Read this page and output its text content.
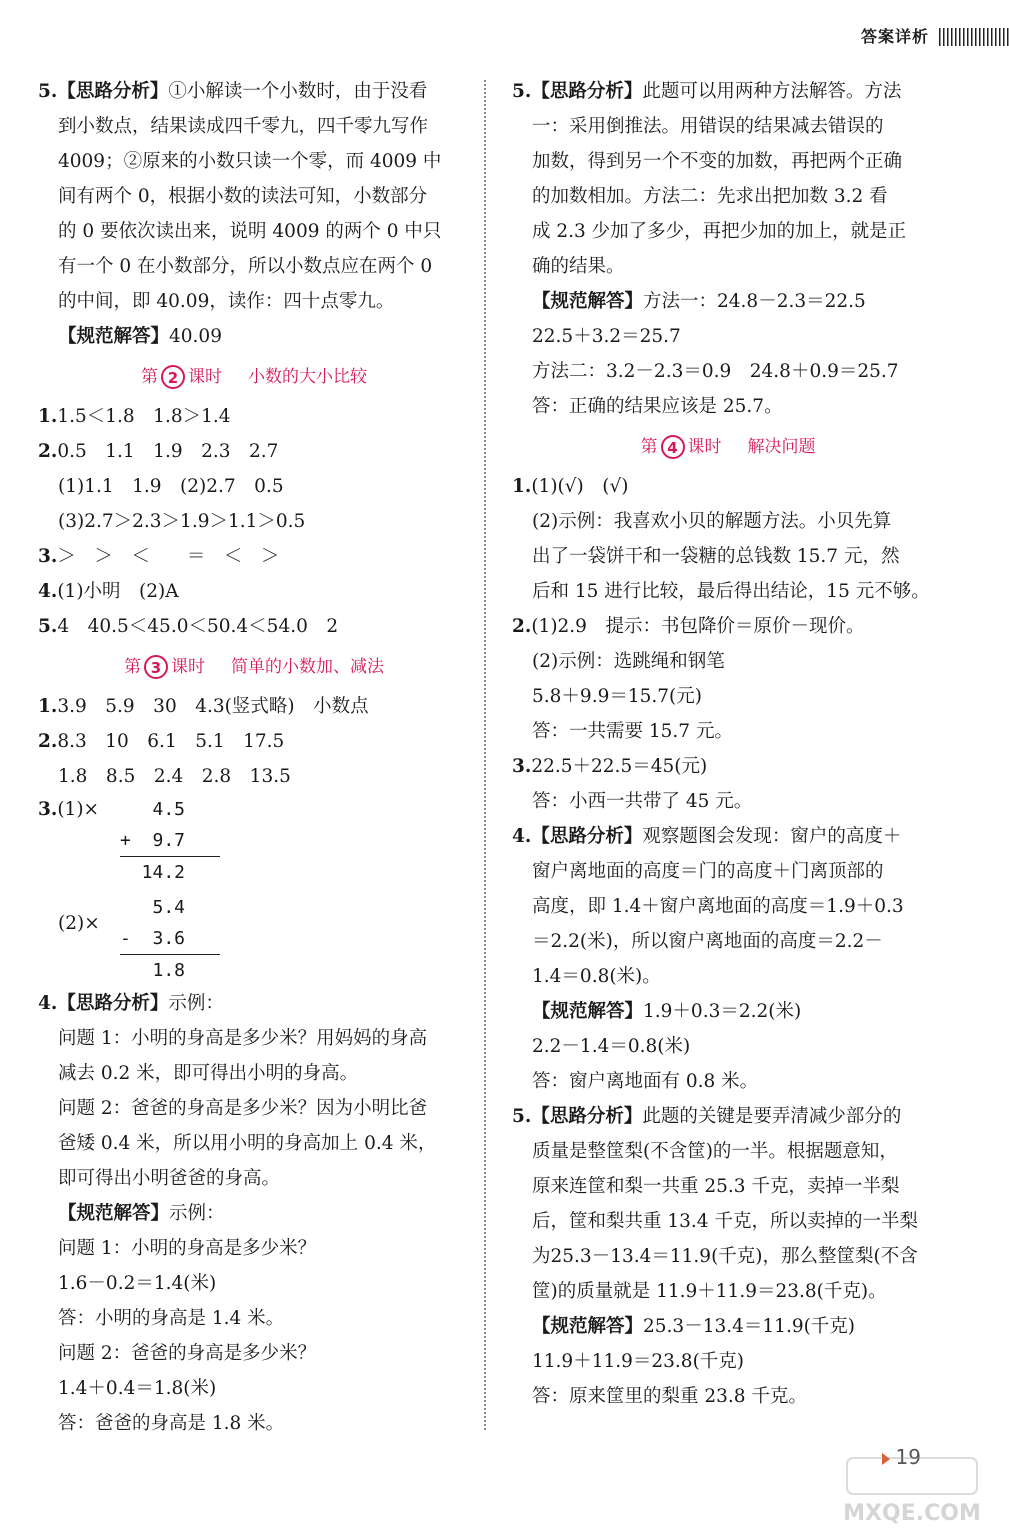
答案详析

5.【思路分析】①小解读一个小数时，由于没看

到小数点，结果读成四千零九，四千零九写作

4009；②原来的小数只读一个零，而 4009 中

间有两个 0，根据小数的读法可知，小数部分

的 0 要依次读出来，说明 4009 的两个 0 中只

有一个 0 在小数部分，所以小数点应在两个 0

的中间，即 40.09，读作：四十点零九。

【规范解答】40.09

第 2 课时 小数的大小比较

1.1.5＜1.8　1.8＞1.4

2.0.5　1.1　1.9　2.3　2.7

(1)1.1　1.9　(2)2.7　0.5

(3)2.7＞2.3＞1.9＞1.1＞0.5

3.＞　＞　＜　　＝　＜　＞

4.(1)小明　(2)A

5.4　40.5＜45.0＜50.4＜54.0　2

第 3 课时 简单的小数加、减法

1.3.9　5.9　30　4.3(竖式略)　小数点

2.8.3　10　6.1　5.1　17.5

1.8　8.5　2.4　2.8　13.5

3.(1)×	4.5
+  9.7
14.2
(2)×
5.4
-  3.6
1.8

4.【思路分析】示例：

问题 1：小明的身高是多少米？用妈妈的身高

减去 0.2 米，即可得出小明的身高。

问题 2：爸爸的身高是多少米？因为小明比爸

爸矮 0.4 米，所以用小明的身高加上 0.4 米，

即可得出小明爸爸的身高。

【规范解答】示例：

问题 1：小明的身高是多少米？

1.6－0.2＝1.4(米)

答：小明的身高是 1.4 米。

问题 2：爸爸的身高是多少米？

1.4＋0.4＝1.8(米)

答：爸爸的身高是 1.8 米。

5.【思路分析】此题可以用两种方法解答。方法

一：采用倒推法。用错误的结果减去错误的

加数，得到另一个不变的加数，再把两个正确

的加数相加。方法二：先求出把加数 3.2 看

成 2.3 少加了多少，再把少加的加上，就是正

确的结果。

【规范解答】方法一：24.8－2.3＝22.5

22.5＋3.2＝25.7

方法二：3.2－2.3＝0.9　24.8＋0.9＝25.7

答：正确的结果应该是 25.7。

第 4 课时 解决问题

1.(1)(√)　(√)

(2)示例：我喜欢小贝的解题方法。小贝先算

出了一袋饼干和一袋糖的总钱数 15.7 元，然

后和 15 进行比较，最后得出结论，15 元不够。

2.(1)2.9　提示：书包降价＝原价－现价。

(2)示例：选跳绳和钢笔

5.8＋9.9＝15.7(元)

答：一共需要 15.7 元。

3.22.5＋22.5＝45(元)

答：小西一共带了 45 元。

4.【思路分析】观察题图会发现：窗户的高度＋

窗户离地面的高度＝门的高度＋门离顶部的

高度，即 1.4＋窗户离地面的高度＝1.9＋0.3

＝2.2(米)，所以窗户离地面的高度＝2.2－

1.4＝0.8(米)。

【规范解答】1.9＋0.3＝2.2(米)

2.2－1.4＝0.8(米)

答：窗户离地面有 0.8 米。

5.【思路分析】此题的关键是要弄清减少部分的

质量是整筐梨(不含筐)的一半。根据题意知，

原来连筐和梨一共重 25.3 千克，卖掉一半梨

后，筐和梨共重 13.4 千克，所以卖掉的一半梨

为25.3－13.4＝11.9(千克)，那么整筐梨(不含

筐)的质量就是 11.9＋11.9＝23.8(千克)。

【规范解答】25.3－13.4＝11.9(千克)

11.9＋11.9＝23.8(千克)

答：原来筐里的梨重 23.8 千克。

19
MXQE.COM
